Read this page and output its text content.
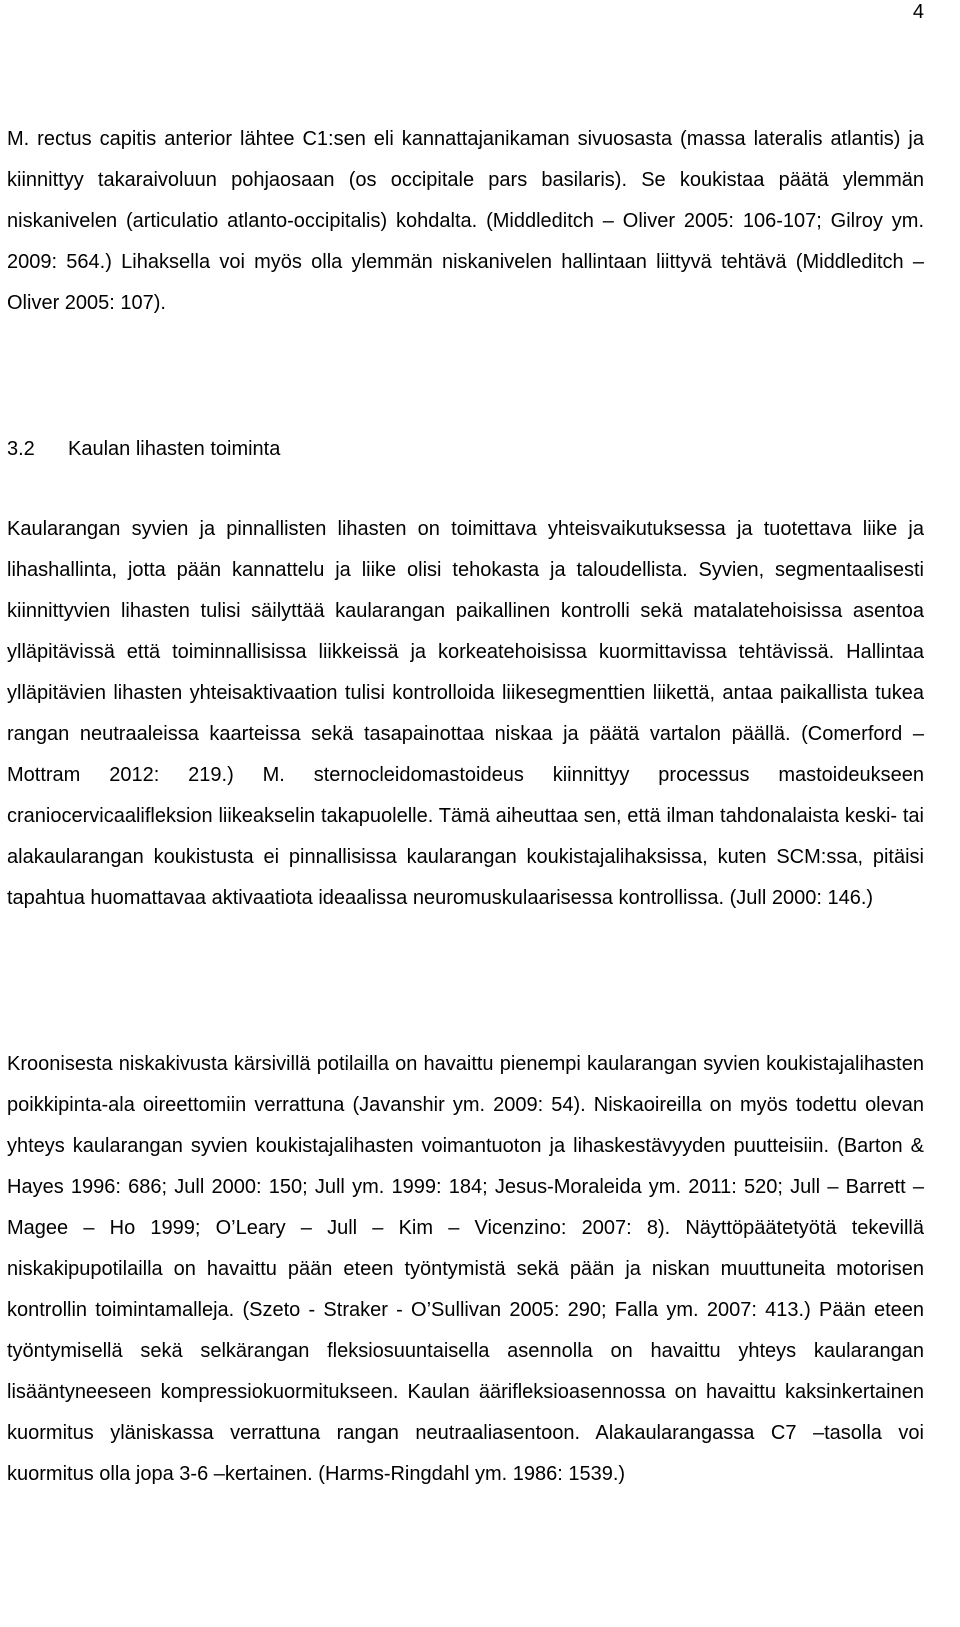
4

M. rectus capitis anterior lähtee C1:sen eli kannattajanikaman sivuosasta (massa lateralis atlantis) ja kiinnittyy takaraivoluun pohjaosaan (os occipitale pars basilaris). Se koukistaa päätä ylemmän niskanivelen (articulatio atlanto-occipitalis) kohdalta. (Middleditch – Oliver 2005: 106-107; Gilroy ym. 2009: 564.) Lihaksella voi myös olla ylemmän niskanivelen hallintaan liittyvä tehtävä (Middleditch – Oliver 2005: 107).

3.2 Kaulan lihasten toiminta

Kaularangan syvien ja pinnallisten lihasten on toimittava yhteisvaikutuksessa ja tuotettava liike ja lihashallinta, jotta pään kannattelu ja liike olisi tehokasta ja taloudellista. Syvien, segmentaalisesti kiinnittyvien lihasten tulisi säilyttää kaularangan paikallinen kontrolli sekä matalatehoisissa asentoa ylläpitävissä että toiminnallisissa liikkeissä ja korkeatehoisissa kuormittavissa tehtävissä. Hallintaa ylläpitävien lihasten yhteisaktivaation tulisi kontrolloida liikesegmenttien liikettä, antaa paikallista tukea rangan neutraaleissa kaarteissa sekä tasapainottaa niskaa ja päätä vartalon päällä. (Comerford – Mottram 2012: 219.) M. sternocleidomastoideus kiinnittyy processus mastoideukseen craniocervicaalifleksion liikeakselin takapuolelle. Tämä aiheuttaa sen, että ilman tahdonalaista keski- tai alakaularangan koukistusta ei pinnallisissa kaularangan koukistajalihaksissa, kuten SCM:ssa, pitäisi tapahtua huomattavaa aktivaatiota ideaalissa neuromuskulaarisessa kontrollissa. (Jull 2000: 146.)

Kroonisesta niskakivusta kärsivillä potilailla on havaittu pienempi kaularangan syvien koukistajalihasten poikkipinta-ala oireettomiin verrattuna (Javanshir ym. 2009: 54). Niskaoireilla on myös todettu olevan yhteys kaularangan syvien koukistajalihasten voimantuoton ja lihaskestävyyden puutteisiin. (Barton & Hayes 1996: 686; Jull 2000: 150; Jull ym. 1999: 184; Jesus-Moraleida ym. 2011: 520; Jull – Barrett – Magee – Ho 1999; O’Leary – Jull – Kim – Vicenzino: 2007: 8). Näyttöpäätetyötä tekevillä niskakipupotilailla on havaittu pään eteen työntymistä sekä pään ja niskan muuttuneita motorisen kontrollin toimintamalleja. (Szeto - Straker - O’Sullivan 2005: 290; Falla ym. 2007: 413.) Pään eteen työntymisellä sekä selkärangan fleksiosuuntaisella asennolla on havaittu yhteys kaularangan lisääntyneeseen kompressiokuormitukseen. Kaulan äärifleksioasennossa on havaittu kaksinkertainen kuormitus yläniskassa verrattuna rangan neutraaliasentoon. Alakaularangassa C7 –tasolla voi kuormitus olla jopa 3-6 –kertainen. (Harms-Ringdahl ym. 1986: 1539.)
